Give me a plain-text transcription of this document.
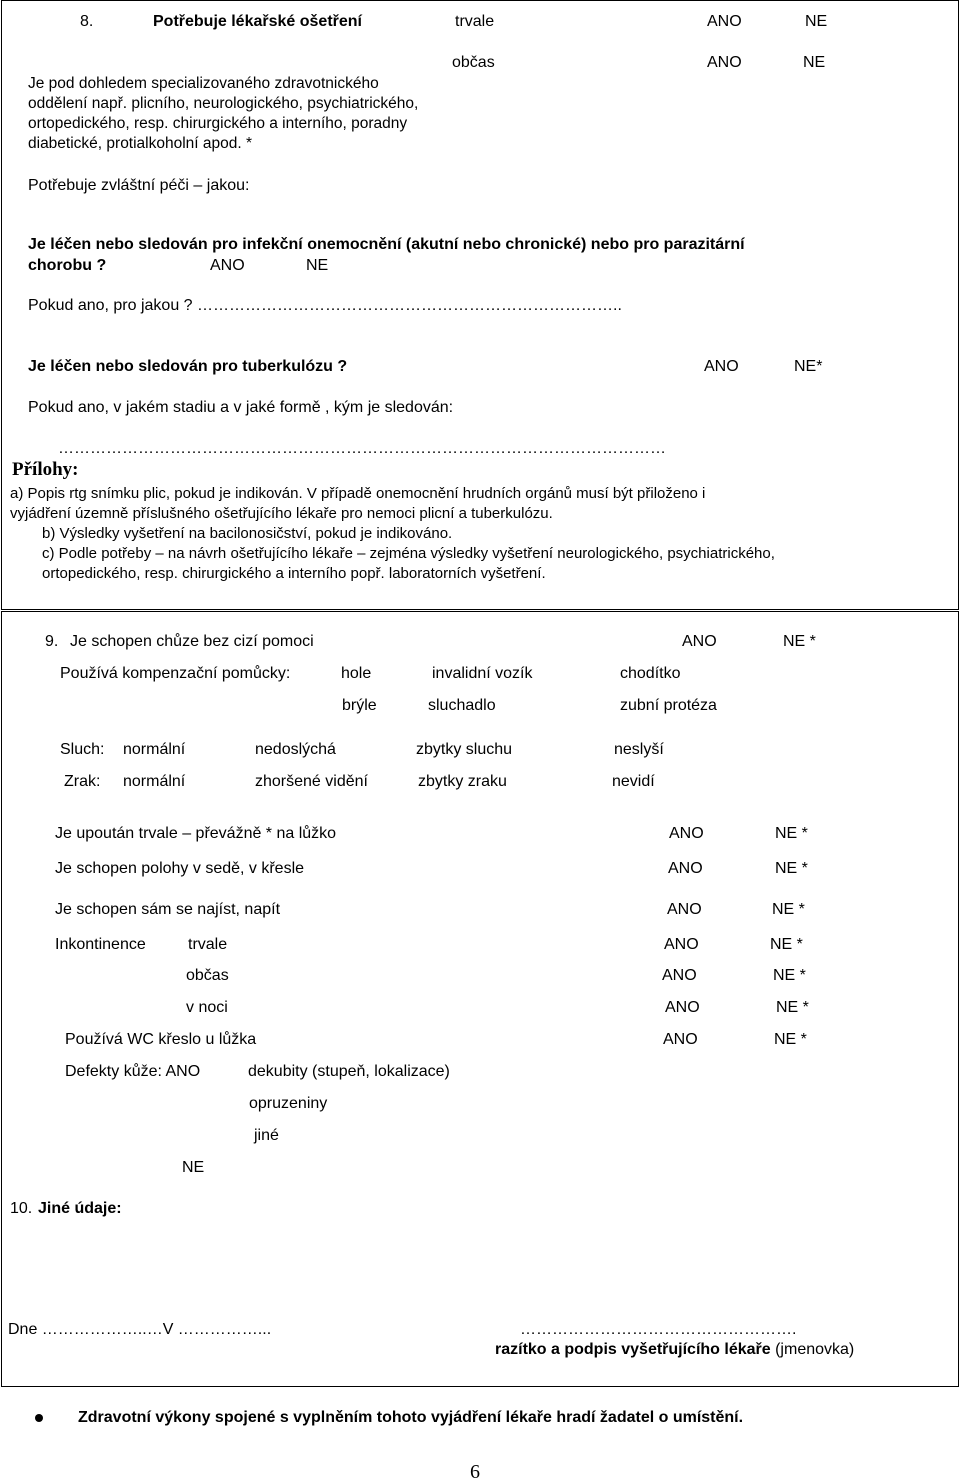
8.	Potřebuje lékařské ošetření	trvale	ANO	NE
občas	ANO	NE
Je pod dohledem specializovaného zdravotnického
oddělení např. plicního, neurologického, psychiatrického,
ortopedického, resp. chirurgického a interního, poradny
diabetické, protialkoholní apod. *
Potřebuje zvláštní péči – jakou:
Je léčen nebo sledován pro infekční onemocnění (akutní nebo chronické) nebo pro parazitární
chorobu ?	ANO	NE
Pokud ano, pro jakou ? ……………………………………………………………………..
Je léčen nebo sledován pro tuberkulózu ?	ANO	NE*
Pokud ano, v jakém stadiu a v jaké formě , kým je sledován:
……………………………………………………………………………………………………
Přílohy:
a) Popis rtg snímku plic, pokud je indikován. V případě onemocnění hrudních orgánů musí být přiloženo i
vyjádření územně příslušného ošetřujícího lékaře pro nemoci plicní a tuberkulózu.
b) Výsledky vyšetření na bacilonosičství, pokud je indikováno.
c) Podle potřeby – na návrh ošetřujícího lékaře – zejména výsledky vyšetření neurologického, psychiatrického,
ortopedického, resp. chirurgického a interního popř. laboratorních vyšetření.
9. Je schopen chůze bez cizí pomoci	ANO	NE *
Používá kompenzační pomůcky:	hole	invalidní vozík	chodítko
brýle	sluchadlo	zubní protéza
Sluch: normální	nedoslýchá	zbytky sluchu	neslyší
Zrak: normální	zhoršené vidění	zbytky zraku	nevidí
Je upoután trvale – převážně * na lůžko	ANO	NE *
Je schopen polohy v sedě, v křesle	ANO	NE *
Je schopen sám se najíst, napít	ANO	NE *
Inkontinence	trvale	ANO	NE *
občas	ANO	NE *
v noci	ANO	NE *
Používá WC křeslo u lůžka	ANO	NE *
Defekty kůže: ANO	dekubity (stupeň, lokalizace)
opruzeniny
jiné
NE
10. Jiné údaje:
Dne ………………..…V ……………...	…………………………………………….
razítko a podpis vyšetřujícího lékaře (jmenovka)
Zdravotní výkony spojené s vyplněním tohoto vyjádření lékaře hradí žadatel o umístění.
6
